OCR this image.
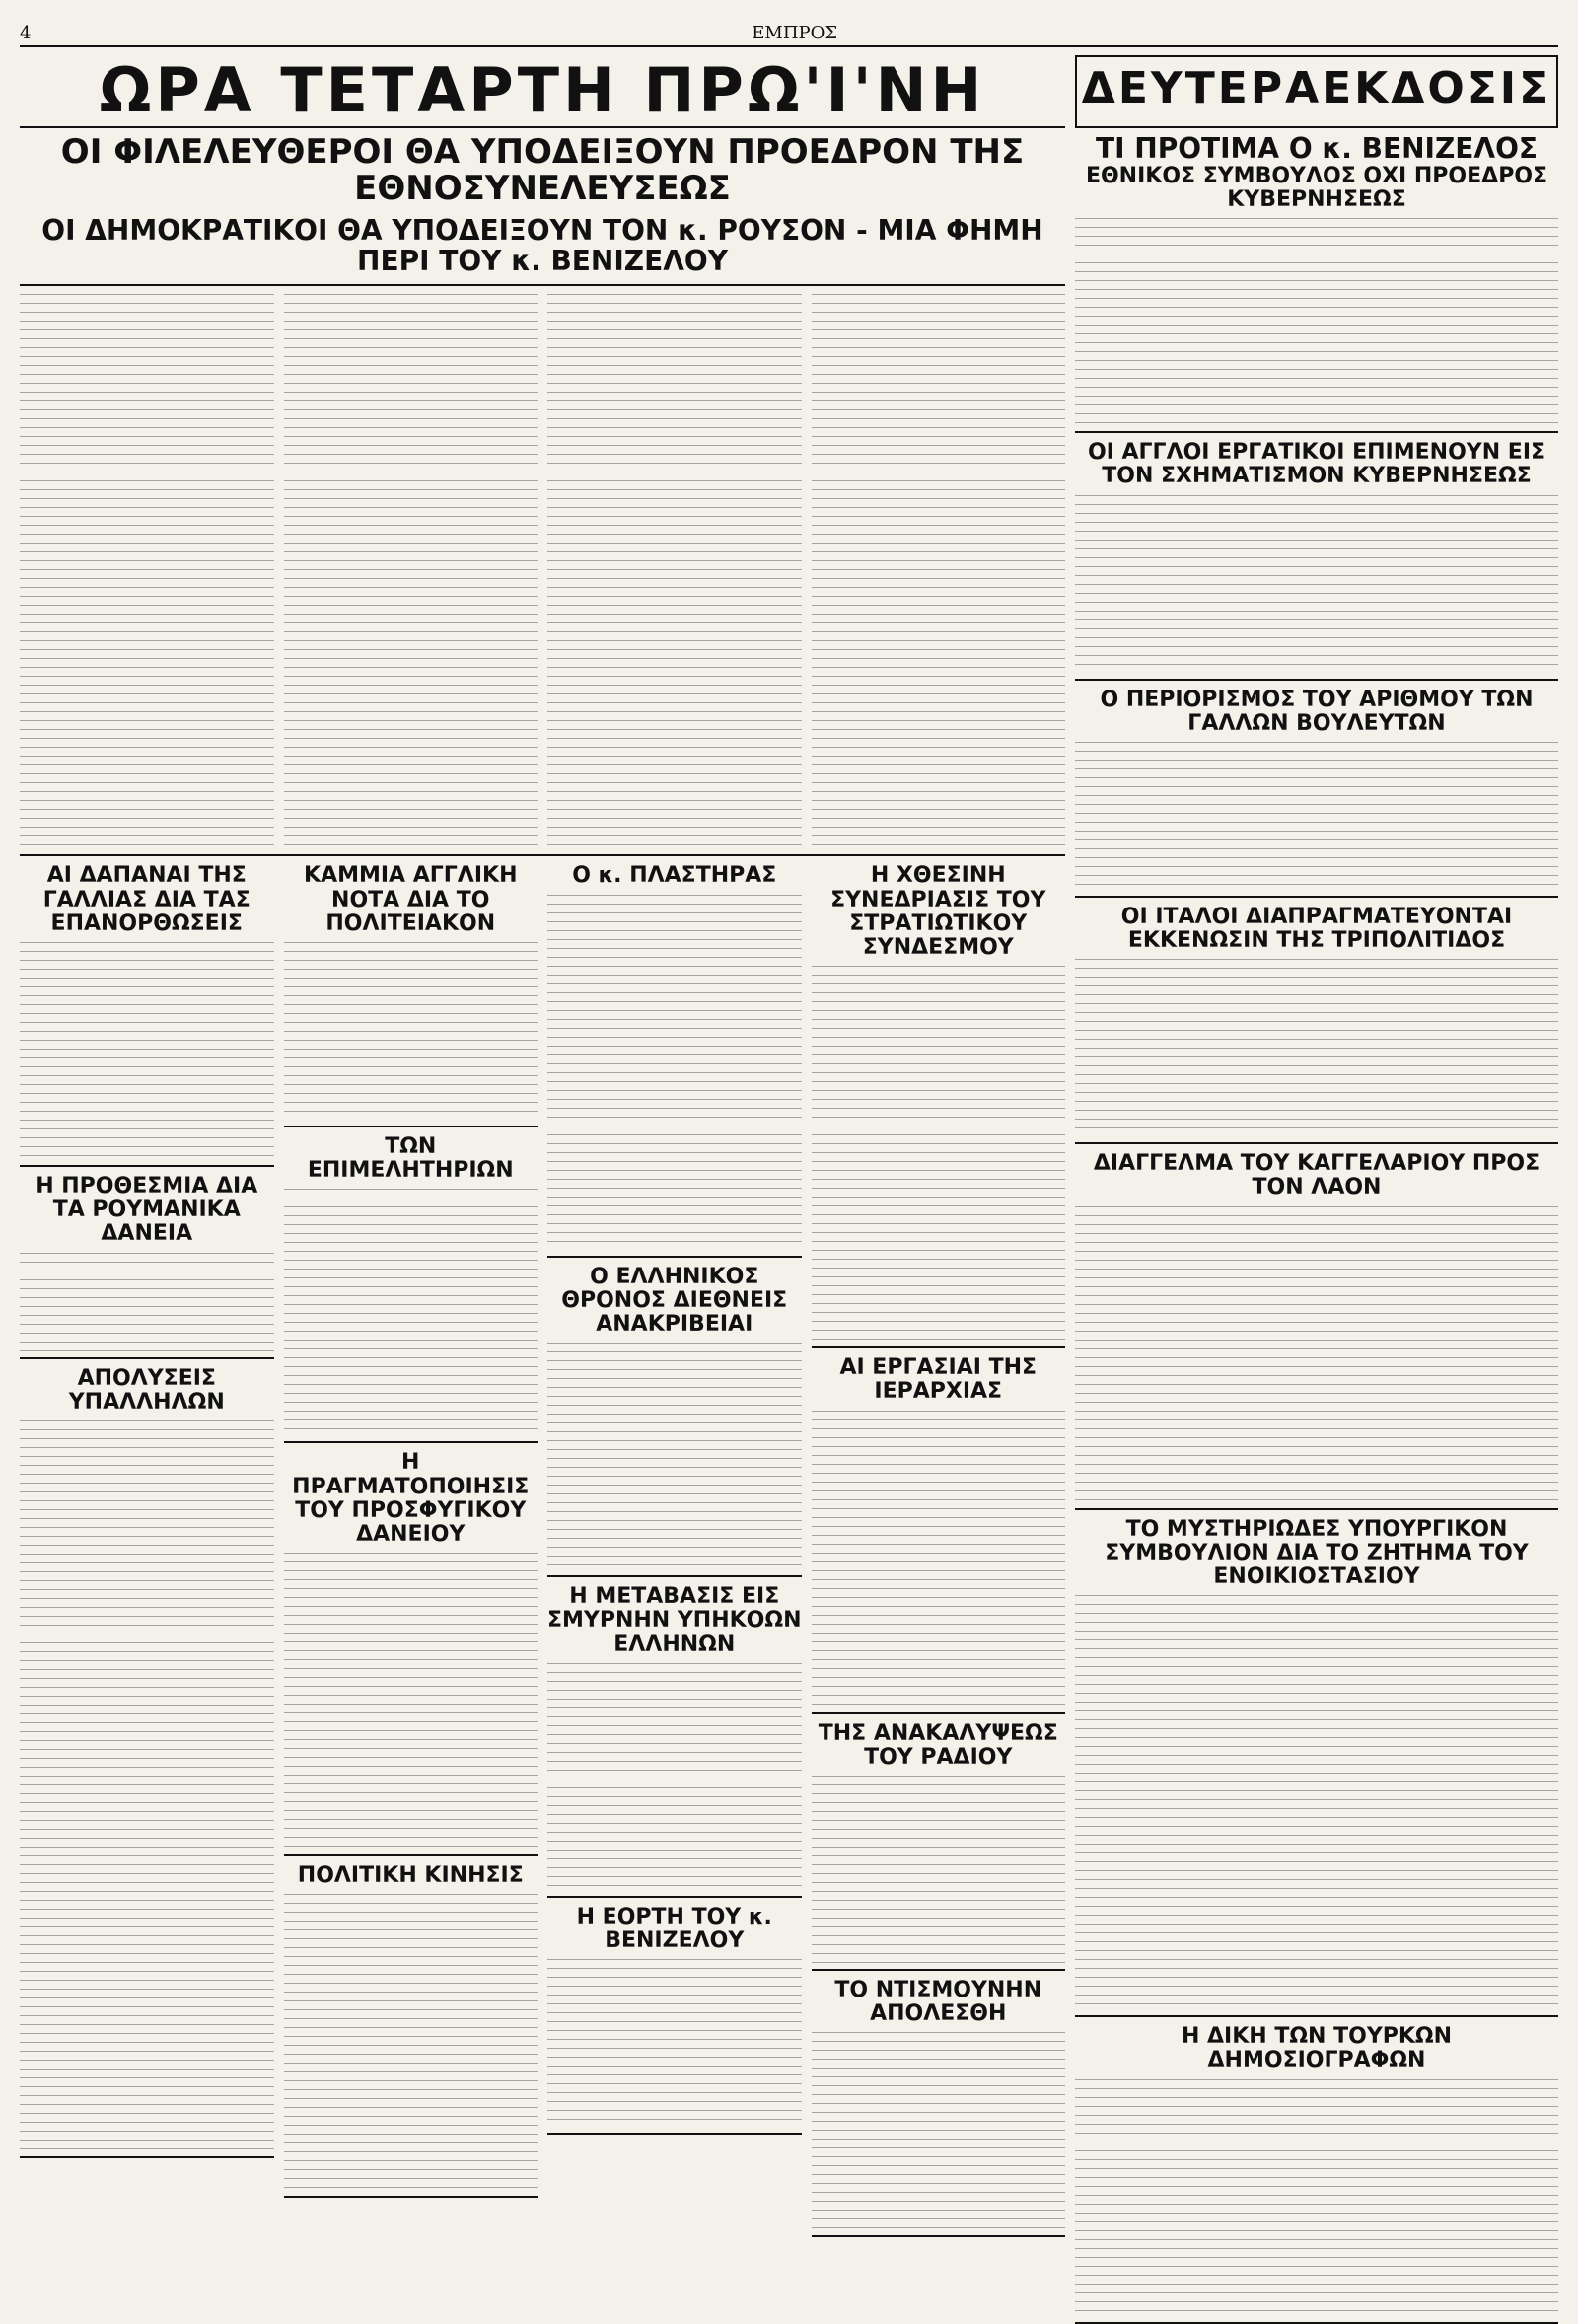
4	ΕΜΠΡΟΣ
ΩΡΑ ΤΕΤΑΡΤΗ ΠΡΩ'Ι'ΝΗ	ΔΕΥΤΕΡΑΕΚΔΟΣΙΣ
ΟΙ ΦΙΛΕΛΕΥΘΕΡΟΙ ΘΑ ΥΠΟΔΕΙΞΟΥΝ ΠΡΟΕΔΡΟΝ ΤΗΣ ΕΘΝΟΣΥΝΕΛΕΥΣΕΩΣ
ΟΙ ΔΗΜΟΚΡΑΤΙΚΟΙ ΘΑ ΥΠΟΔΕΙΞΟΥΝ ΤΟΝ κ. ΡΟΥΣΟΝ - ΜΙΑ ΦΗΜΗ ΠΕΡΙ ΤΟΥ κ. ΒΕΝΙΖΕΛΟΥ
ΑΙ ΔΑΠΑΝΑΙ ΤΗΣ ΓΑΛΛΙΑΣ ΔΙΑ ΤΑΣ ΕΠΑΝΟΡΘΩΣΕΙΣ
Η ΠΡΟΘΕΣΜΙΑ ΔΙΑ ΤΑ ΡΟΥΜΑΝΙΚΑ ΔΑΝΕΙΑ
ΑΠΟΛΥΣΕΙΣ ΥΠΑΛΛΗΛΩΝ
ΚΑΜΜΙΑ ΑΓΓΛΙΚΗ ΝΟΤΑ ΔΙΑ ΤΟ ΠΟΛΙΤΕΙΑΚΟΝ
ΤΩΝ ΕΠΙΜΕΛΗΤΗΡΙΩΝ
Η ΠΡΑΓΜΑΤΟΠΟΙΗΣΙΣ ΤΟΥ ΠΡΟΣΦΥΓΙΚΟΥ ΔΑΝΕΙΟΥ
ΠΟΛΙΤΙΚΗ ΚΙΝΗΣΙΣ
Ο κ. ΠΛΑΣΤΗΡΑΣ
Ο ΕΛΛΗΝΙΚΟΣ ΘΡΟΝΟΣ ΔΙΕΘΝΕΙΣ ΑΝΑΚΡΙΒΕΙΑΙ
Η ΜΕΤΑΒΑΣΙΣ ΕΙΣ ΣΜΥΡΝΗΝ ΥΠΗΚΟΩΝ ΕΛΛΗΝΩΝ
Η ΕΟΡΤΗ ΤΟΥ κ. ΒΕΝΙΖΕΛΟΥ
Η ΧΘΕΣΙΝΗ ΣΥΝΕΔΡΙΑΣΙΣ ΤΟΥ ΣΤΡΑΤΙΩΤΙΚΟΥ ΣΥΝΔΕΣΜΟΥ
ΑΙ ΕΡΓΑΣΙΑΙ ΤΗΣ ΙΕΡΑΡΧΙΑΣ
ΤΗΣ ΑΝΑΚΑΛΥΨΕΩΣ ΤΟΥ ΡΑΔΙΟΥ
ΤΟ ΝΤΙΣΜΟΥΝΗΝ ΑΠΟΛΕΣΘΗ
ΤΙ ΠΡΟΤΙΜΑ Ο κ. ΒΕΝΙΖΕΛΟΣ
ΕΘΝΙΚΟΣ ΣΥΜΒΟΥΛΟΣ ΟΧΙ ΠΡΟΕΔΡΟΣ ΚΥΒΕΡΝΗΣΕΩΣ
ΟΙ ΑΓΓΛΟΙ ΕΡΓΑΤΙΚΟΙ ΕΠΙΜΕΝΟΥΝ ΕΙΣ ΤΟΝ ΣΧΗΜΑΤΙΣΜΟΝ ΚΥΒΕΡΝΗΣΕΩΣ
Ο ΠΕΡΙΟΡΙΣΜΟΣ ΤΟΥ ΑΡΙΘΜΟΥ ΤΩΝ ΓΑΛΛΩΝ ΒΟΥΛΕΥΤΩΝ
ΟΙ ΙΤΑΛΟΙ ΔΙΑΠΡΑΓΜΑΤΕΥΟΝΤΑΙ ΕΚΚΕΝΩΣΙΝ ΤΗΣ ΤΡΙΠΟΛΙΤΙΔΟΣ
ΔΙΑΓΓΕΛΜΑ ΤΟΥ ΚΑΓΓΕΛΑΡΙΟΥ ΠΡΟΣ ΤΟΝ ΛΑΟΝ
ΤΟ ΜΥΣΤΗΡΙΩΔΕΣ ΥΠΟΥΡΓΙΚΟΝ ΣΥΜΒΟΥΛΙΟΝ ΔΙΑ ΤΟ ΖΗΤΗΜΑ ΤΟΥ ΕΝΟΙΚΙΟΣΤΑΣΙΟΥ
Η ΔΙΚΗ ΤΩΝ ΤΟΥΡΚΩΝ ΔΗΜΟΣΙΟΓΡΑΦΩΝ
